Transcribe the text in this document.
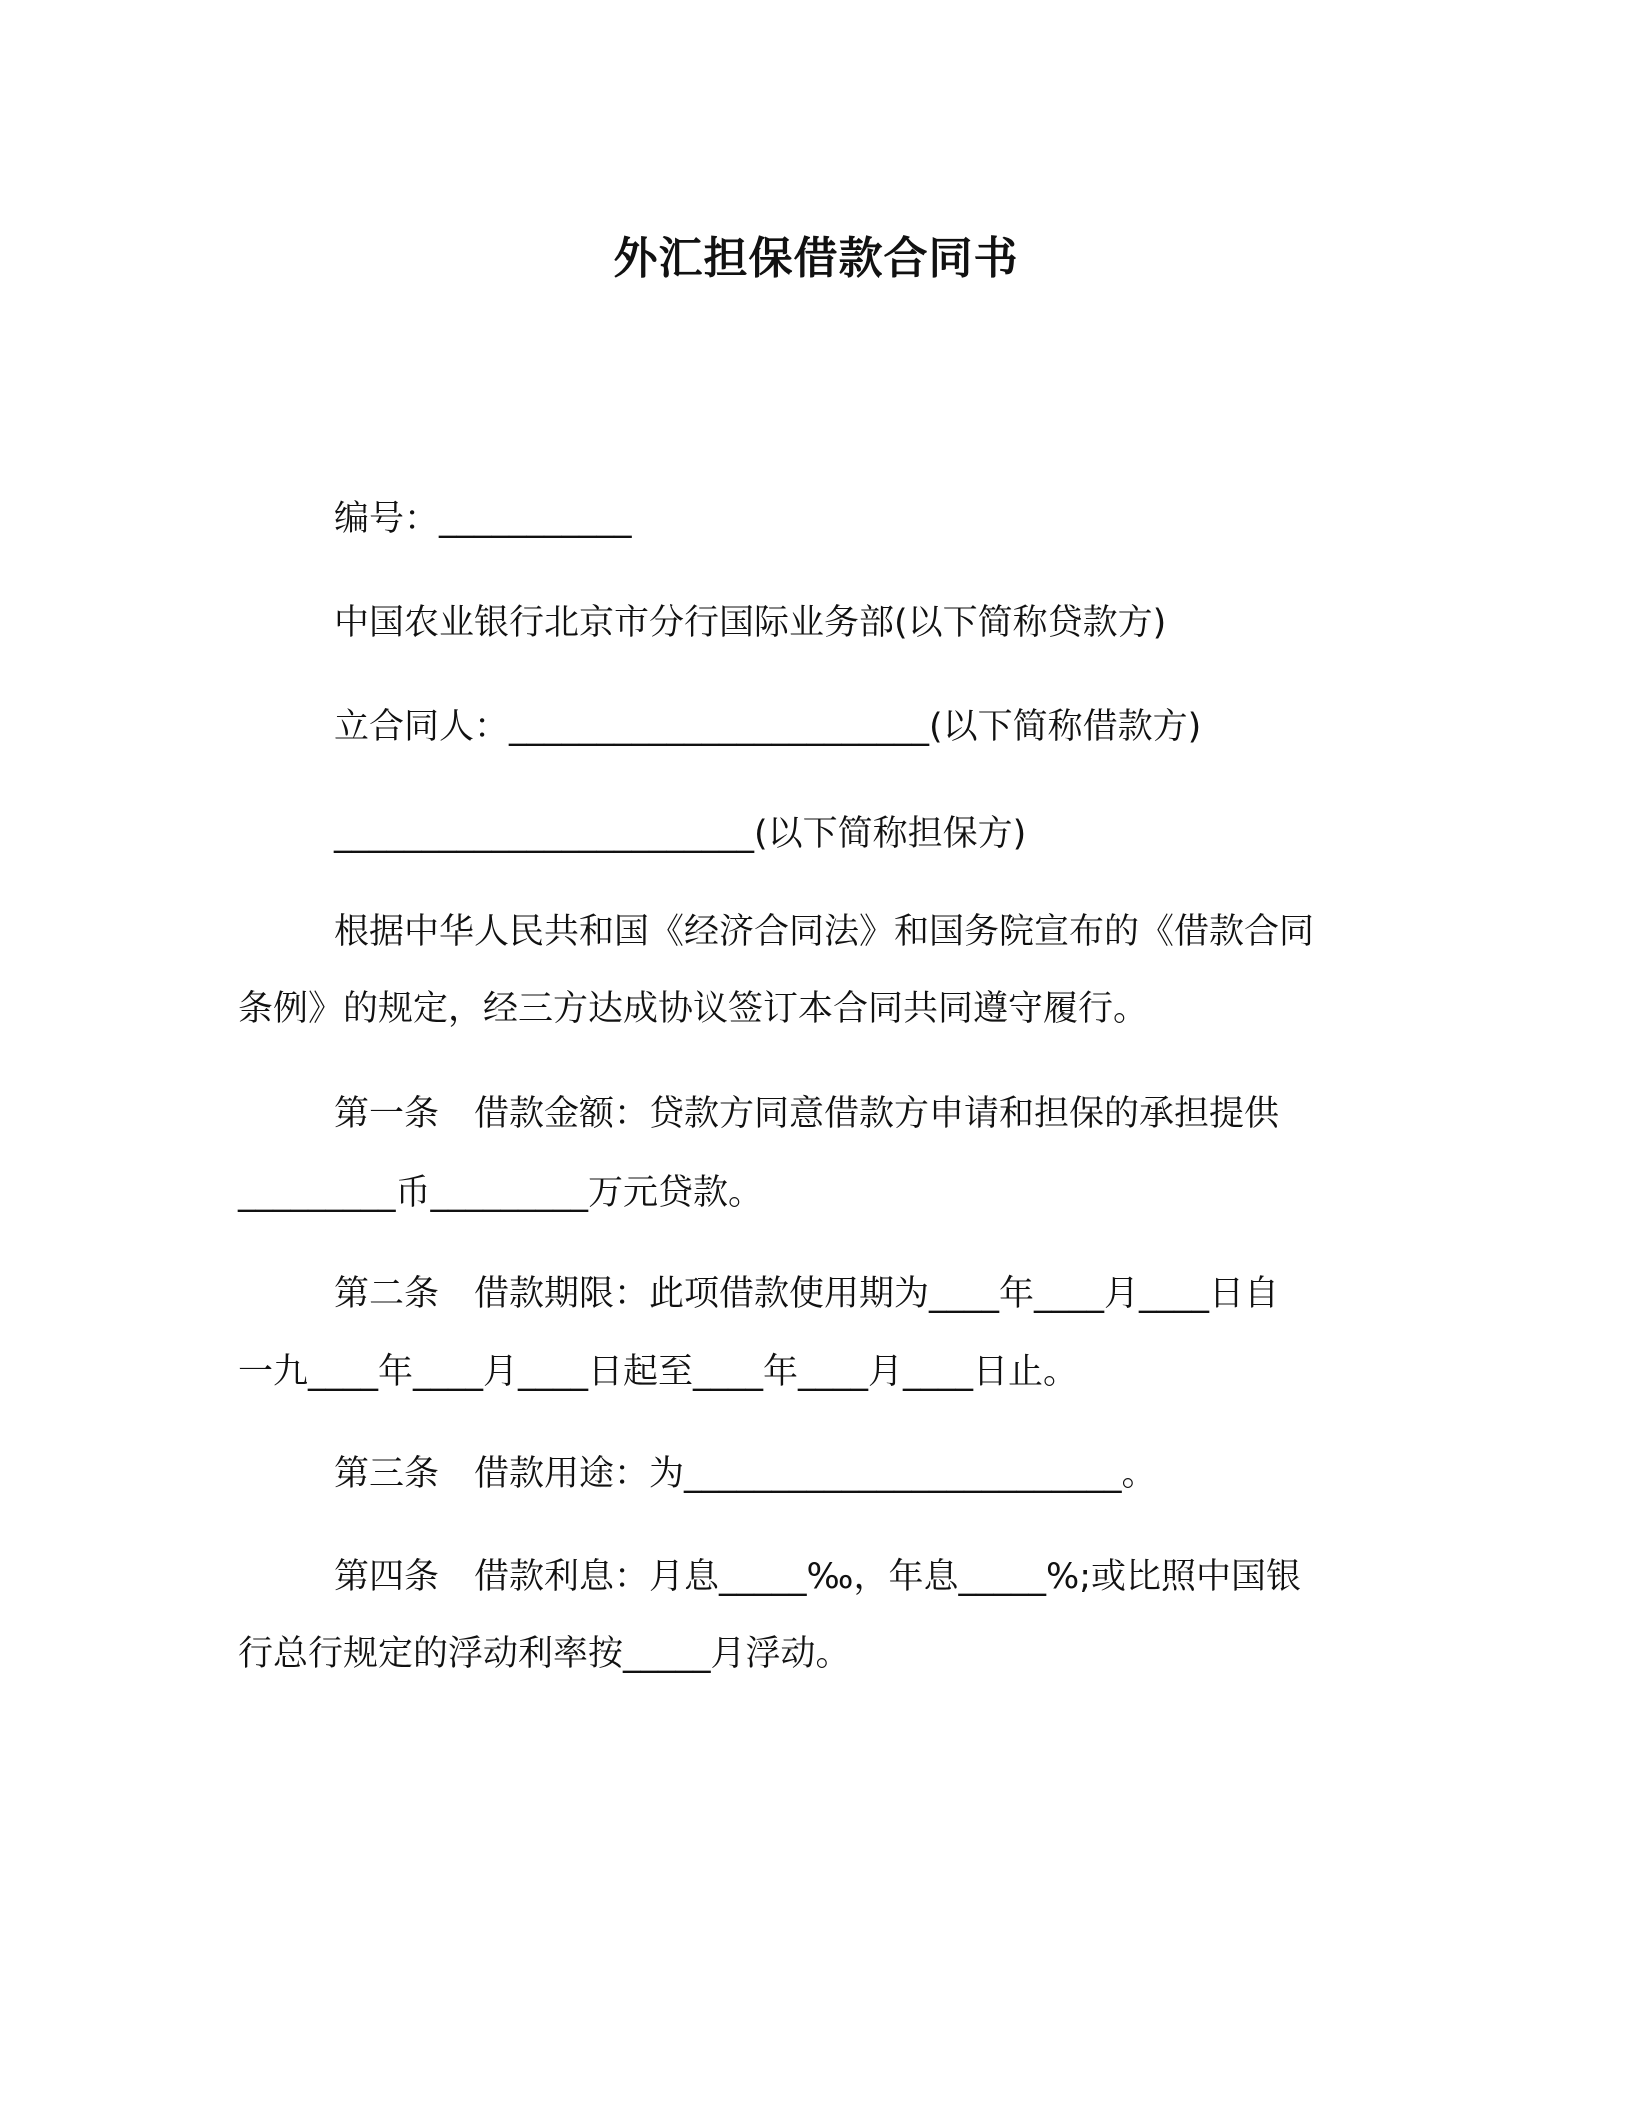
外汇担保借款合同书
编号：___________
中国农业银行北京市分行国际业务部(以下简称贷款方)
立合同人：________________________(以下简称借款方)
________________________(以下简称担保方)
根据中华人民共和国《经济合同法》和国务院宣布的《借款合同
条例》的规定，经三方达成协议签订本合同共同遵守履行。
第一条　借款金额：贷款方同意借款方申请和担保的承担提供
_________币_________万元贷款。
第二条　借款期限：此项借款使用期为____年____月____日自
一九____年____月____日起至____年____月____日止。
第三条　借款用途：为_________________________。
第四条　借款利息：月息_____‰，年息_____%;或比照中国银
行总行规定的浮动利率按_____月浮动。
